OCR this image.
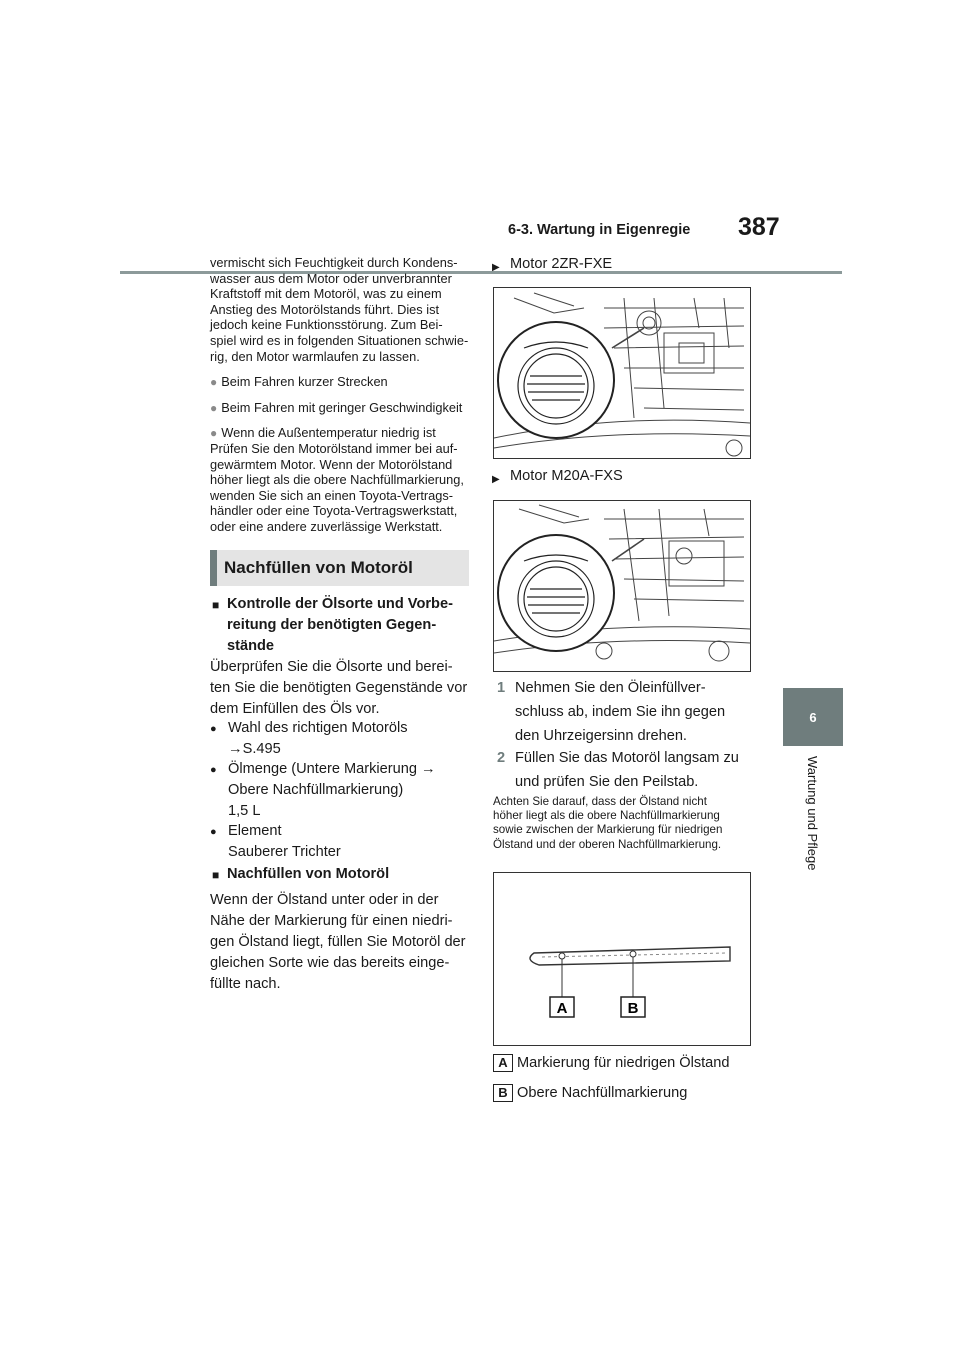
6-3. Wartung in Eigenregie 387
6
Wartung und Pflege
vermischt sich Feuchtigkeit durch Kondens-
wasser aus dem Motor oder unverbrannter
Kraftstoff mit dem Motoröl, was zu einem
Anstieg des Motorölstands führt. Dies ist
jedoch keine Funktionsstörung. Zum Bei-
spiel wird es in folgenden Situationen schwie-
rig, den Motor warmlaufen zu lassen.
● Beim Fahren kurzer Strecken
● Beim Fahren mit geringer Geschwindigkeit
● Wenn die Außentemperatur niedrig ist
Prüfen Sie den Motorölstand immer bei auf-
gewärmtem Motor. Wenn der Motorölstand
höher liegt als die obere Nachfüllmarkierung,
wenden Sie sich an einen Toyota-Vertrags-
händler oder eine Toyota-Vertragswerkstatt,
oder eine andere zuverlässige Werkstatt.
Nachfüllen von Motoröl
■ Kontrolle der Ölsorte und Vorbe-
reitung der benötigten Gegen-
stände
Überprüfen Sie die Ölsorte und berei-
ten Sie die benötigten Gegenstände vor
dem Einfüllen des Öls vor.
● Wahl des richtigen Motoröls
→S.495
● Ölmenge (Untere Markierung →
Obere Nachfüllmarkierung)
1,5 L
● Element
Sauberer Trichter
■ Nachfüllen von Motoröl
Wenn der Ölstand unter oder in der
Nähe der Markierung für einen niedri-
gen Ölstand liegt, füllen Sie Motoröl der
gleichen Sorte wie das bereits einge-
füllte nach.
▶ Motor 2ZR-FXE
▶ Motor M20A-FXS
1 Nehmen Sie den Öleinfüllver-
schluss ab, indem Sie ihn gegen
den Uhrzeigersinn drehen.
2 Füllen Sie das Motoröl langsam zu
und prüfen Sie den Peilstab.
Achten Sie darauf, dass der Ölstand nicht
höher liegt als die obere Nachfüllmarkierung
sowie zwischen der Markierung für niedrigen
Ölstand und der oberen Nachfüllmarkierung.
A	B
A Markierung für niedrigen Ölstand
B Obere Nachfüllmarkierung
